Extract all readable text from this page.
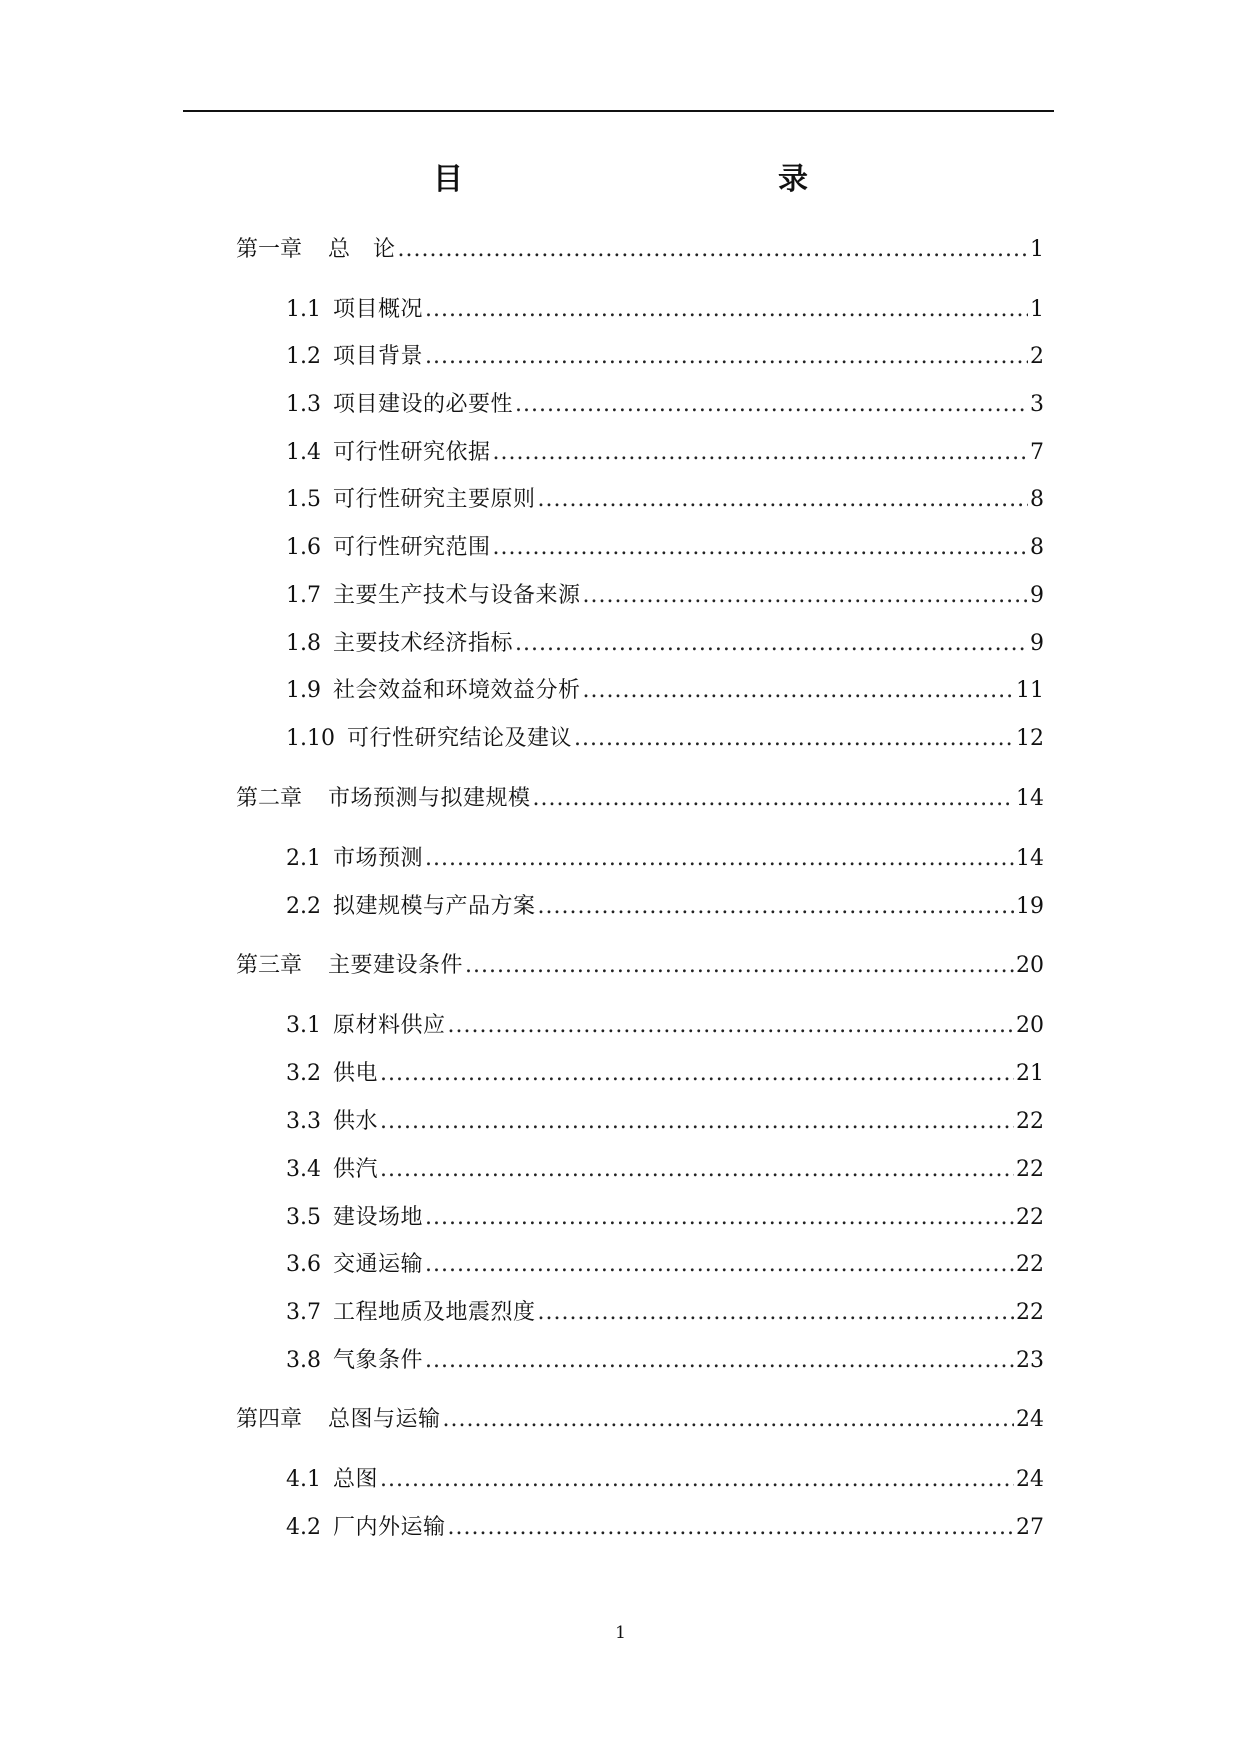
目　　录
第一章 总　论 .....	1
1.1 项目概况 .....	1
1.2 项目背景 .....	2
1.3 项目建设的必要性 .....	3
1.4 可行性研究依据 .....	7
1.5 可行性研究主要原则 .....	8
1.6 可行性研究范围 .....	8
1.7 主要生产技术与设备来源 .....	9
1.8 主要技术经济指标 .....	9
1.9 社会效益和环境效益分析 .....	11
1.10 可行性研究结论及建议 .....	12
第二章 市场预测与拟建规模 .....	14
2.1 市场预测 .....	14
2.2 拟建规模与产品方案 .....	19
第三章 主要建设条件 .....	20
3.1 原材料供应 .....	20
3.2 供电 .....	21
3.3 供水 .....	22
3.4 供汽 .....	22
3.5 建设场地 .....	22
3.6 交通运输 .....	22
3.7 工程地质及地震烈度 .....	22
3.8 气象条件 .....	23
第四章 总图与运输 .....	24
4.1 总图 .....	24
4.2 厂内外运输 .....	27
1
